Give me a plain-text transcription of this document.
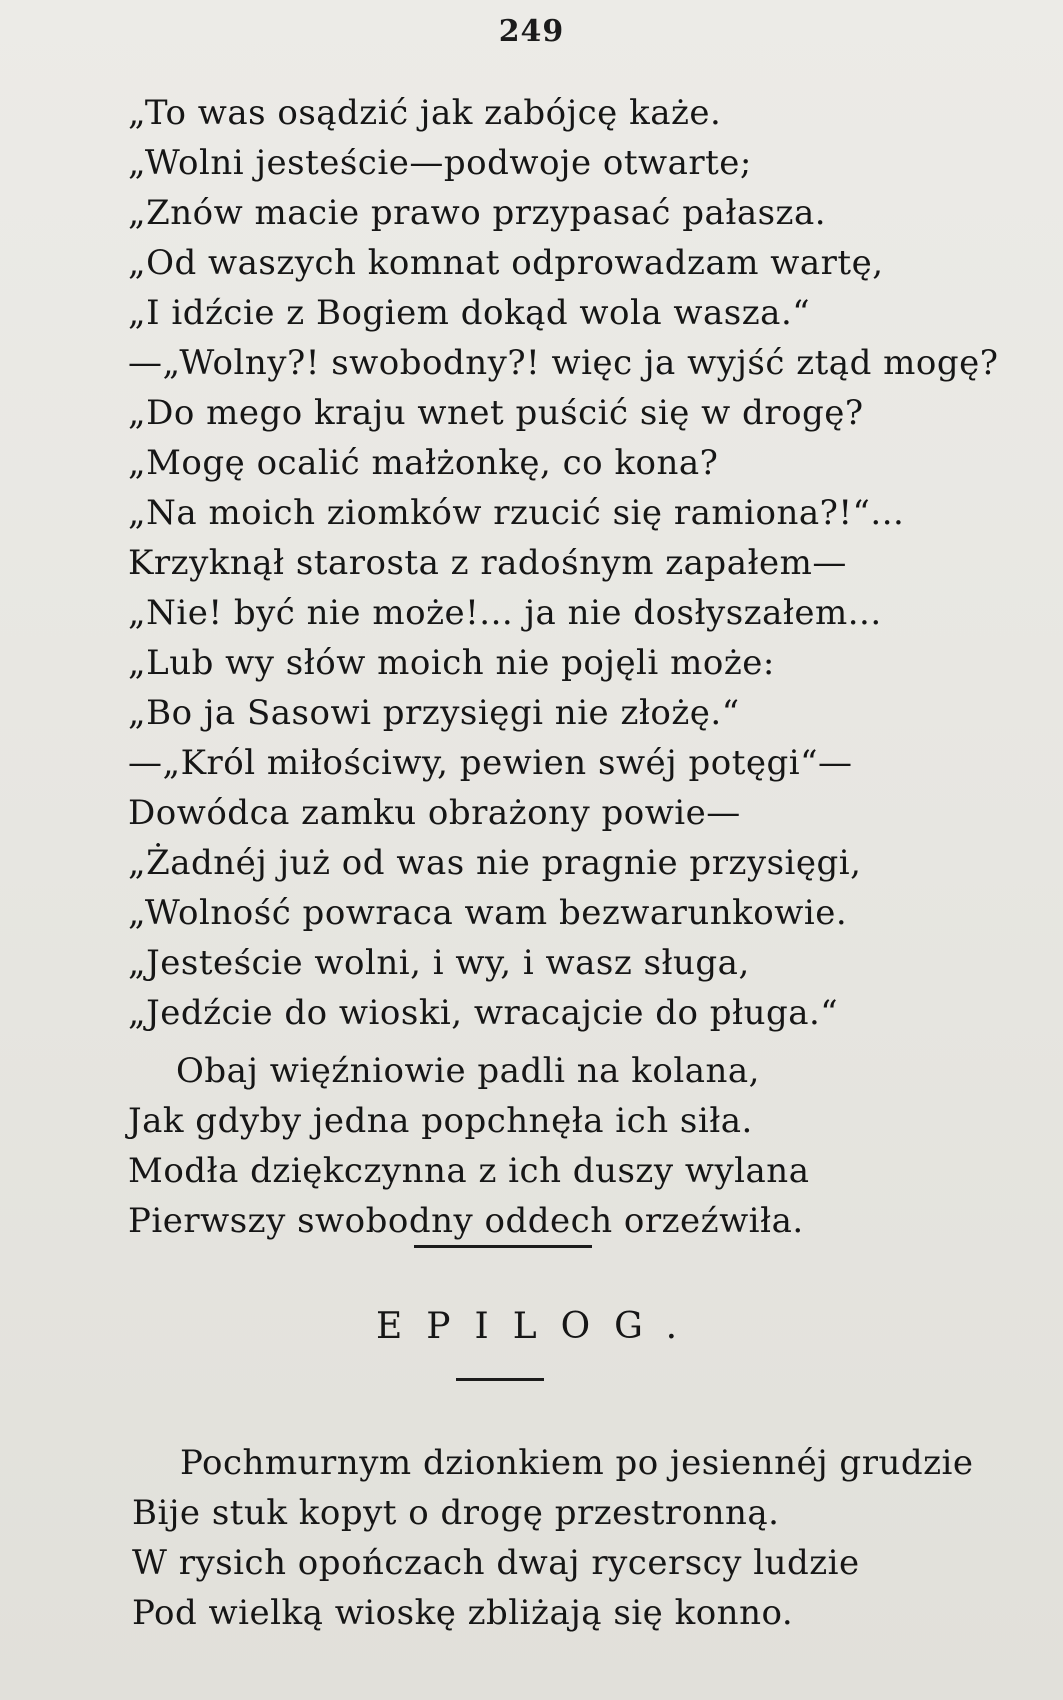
249
„To was osądzić jak zabójcę każe.
„Wolni jesteście—podwoje otwarte;
„Znów macie prawo przypasać pałasza.
„Od waszych komnat odprowadzam wartę,
„I idźcie z Bogiem dokąd wola wasza.“
—„Wolny?! swobodny?! więc ja wyjść ztąd mogę?
„Do mego kraju wnet puścić się w drogę?
„Mogę ocalić małżonkę, co kona?
„Na moich ziomków rzucić się ramiona?!“...
Krzyknął starosta z radośnym zapałem—
„Nie! być nie może!... ja nie dosłyszałem...
„Lub wy słów moich nie pojęli może:
„Bo ja Sasowi przysięgi nie złożę.“
—„Król miłościwy, pewien swéj potęgi“—
Dowódca zamku obrażony powie—
„Żadnéj już od was nie pragnie przysięgi,
„Wolność powraca wam bezwarunkowie.
„Jesteście wolni, i wy, i wasz sługa,
„Jedźcie do wioski, wracajcie do pługa.“
Obaj więźniowie padli na kolana,
Jak gdyby jedna popchnęła ich siła.
Modła dziękczynna z ich duszy wylana
Pierwszy swobodny oddech orzeźwiła.
EPILOG.
Pochmurnym dzionkiem po jesiennéj grudzie
Bije stuk kopyt o drogę przestronną.
W rysich opończach dwaj rycerscy ludzie
Pod wielką wioskę zbliżają się konno.
